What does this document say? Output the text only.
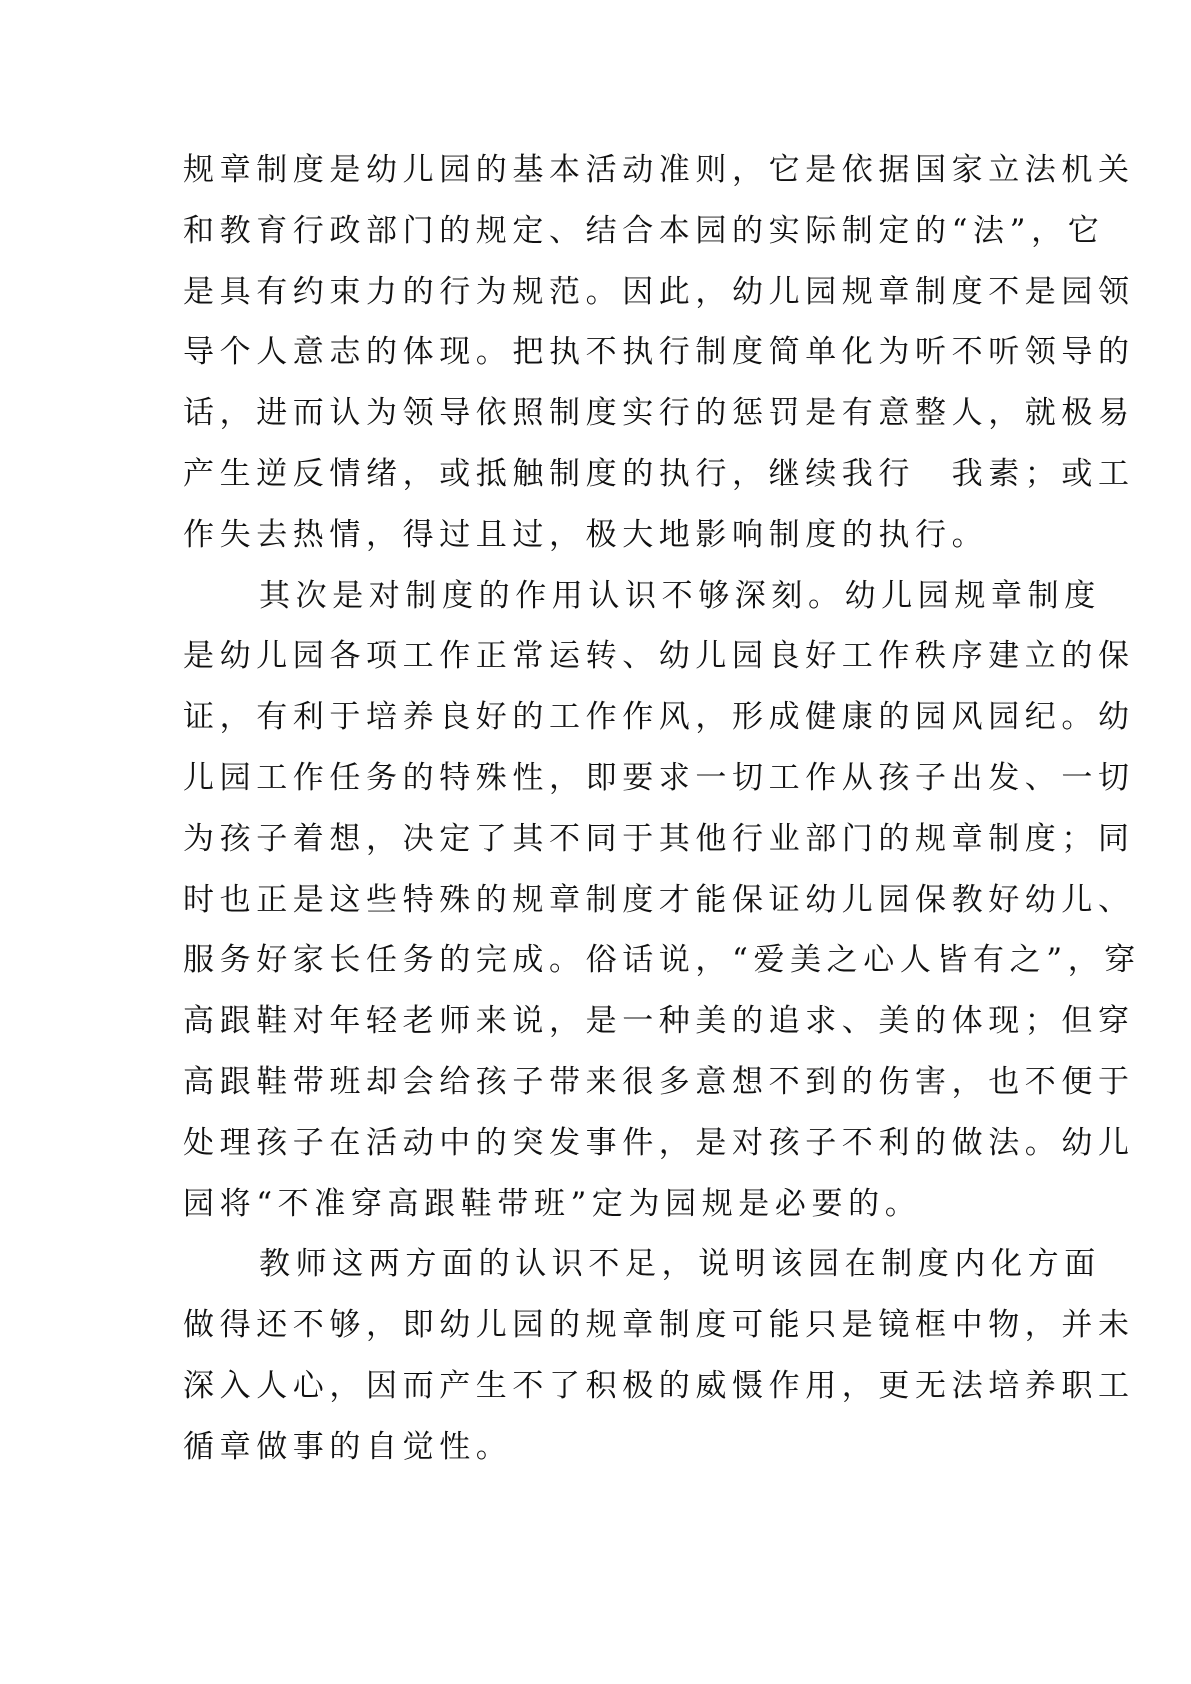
规章制度是幼儿园的基本活动准则，它是依据国家立法机关
和教育行政部门的规定、结合本园的实际制定的“法”，它
是具有约束力的行为规范。因此，幼儿园规章制度不是园领
导个人意志的体现。把执不执行制度简单化为听不听领导的
话，进而认为领导依照制度实行的惩罚是有意整人，就极易
产生逆反情绪，或抵触制度的执行，继续我行　我素；或工
作失去热情，得过且过，极大地影响制度的执行。
其次是对制度的作用认识不够深刻。幼儿园规章制度
是幼儿园各项工作正常运转、幼儿园良好工作秩序建立的保
证，有利于培养良好的工作作风，形成健康的园风园纪。幼
儿园工作任务的特殊性，即要求一切工作从孩子出发、一切
为孩子着想，决定了其不同于其他行业部门的规章制度；同
时也正是这些特殊的规章制度才能保证幼儿园保教好幼儿、
服务好家长任务的完成。俗话说，“爱美之心人皆有之”，穿
高跟鞋对年轻老师来说，是一种美的追求、美的体现；但穿
高跟鞋带班却会给孩子带来很多意想不到的伤害，也不便于
处理孩子在活动中的突发事件，是对孩子不利的做法。幼儿
园将“不准穿高跟鞋带班”定为园规是必要的。
教师这两方面的认识不足，说明该园在制度内化方面
做得还不够，即幼儿园的规章制度可能只是镜框中物，并未
深入人心，因而产生不了积极的威慑作用，更无法培养职工
循章做事的自觉性。
